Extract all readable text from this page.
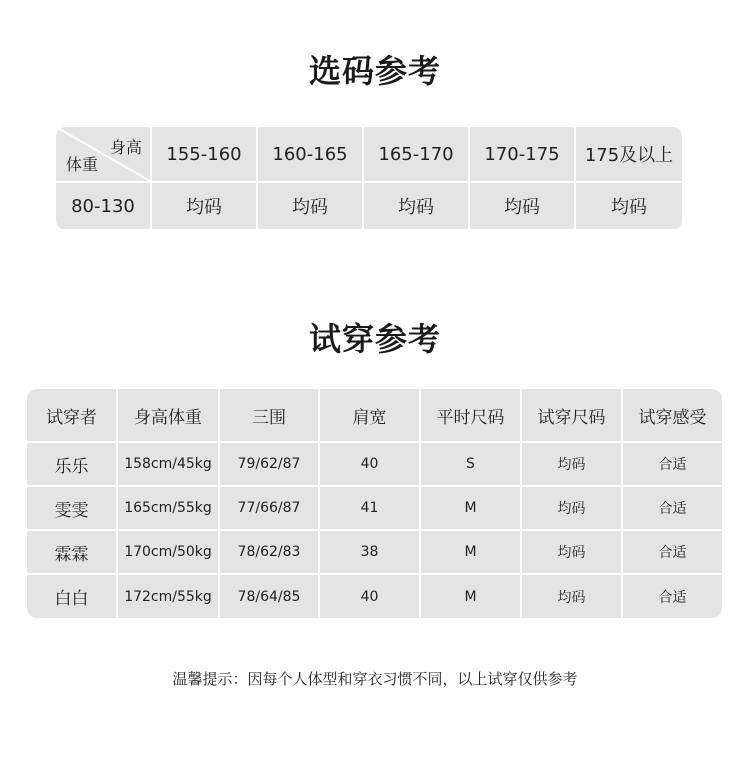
选码参考
身高
体重	155-160	160-165	165-170	170-175	175及以上
80-130	均码	均码	均码	均码	均码
试穿参考
试穿者	身高体重	三围	肩宽	平时尺码	试穿尺码	试穿感受
乐乐	158cm/45kg	79/62/87	40	S	均码	合适
雯雯	165cm/55kg	77/66/87	41	M	均码	合适
霖霖	170cm/50kg	78/62/83	38	M	均码	合适
白白	172cm/55kg	78/64/85	40	M	均码	合适

温馨提示：因每个人体型和穿衣习惯不同，以上试穿仅供参考
